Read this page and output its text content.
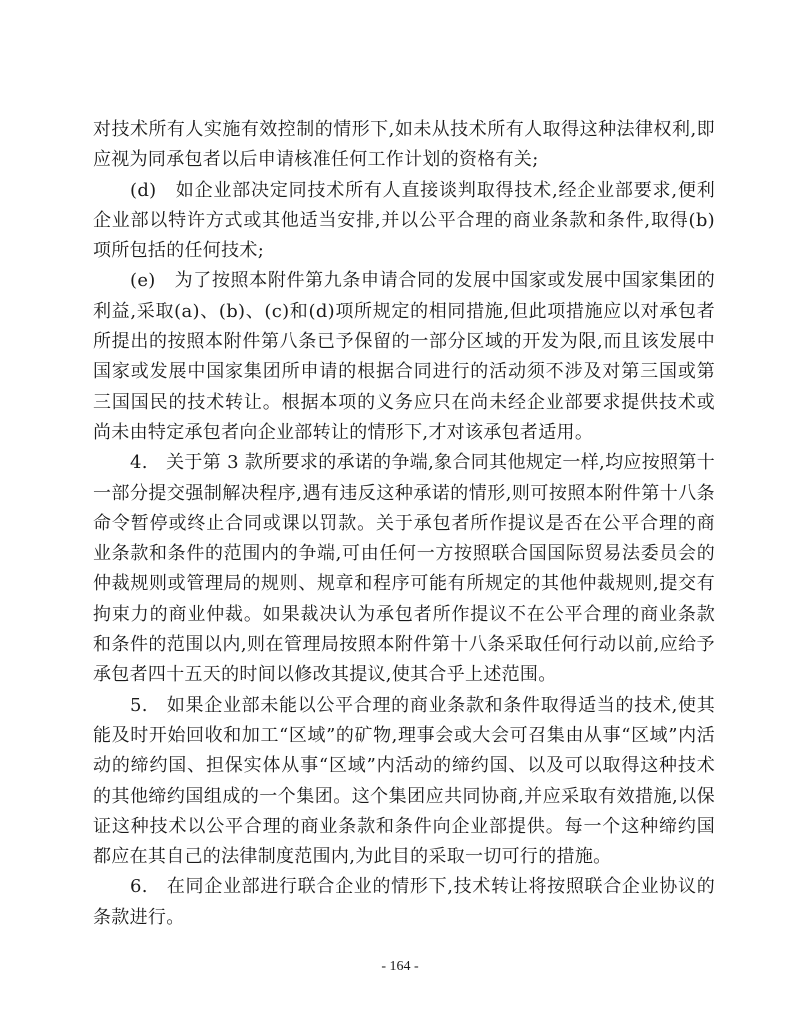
对技术所有人实施有效控制的情形下,如未从技术所有人取得这种法律权利,即应视为同承包者以后申请核准任何工作计划的资格有关;

(d)　如企业部决定同技术所有人直接谈判取得技术,经企业部要求,便利企业部以特许方式或其他适当安排,并以公平合理的商业条款和条件,取得(b)项所包括的任何技术;

(e)　为了按照本附件第九条申请合同的发展中国家或发展中国家集团的利益,采取(a)、(b)、(c)和(d)项所规定的相同措施,但此项措施应以对承包者所提出的按照本附件第八条已予保留的一部分区域的开发为限,而且该发展中国家或发展中国家集团所申请的根据合同进行的活动须不涉及对第三国或第三国国民的技术转让。根据本项的义务应只在尚未经企业部要求提供技术或尚未由特定承包者向企业部转让的情形下,才对该承包者适用。

4.　关于第 3 款所要求的承诺的争端,象合同其他规定一样,均应按照第十一部分提交强制解决程序,遇有违反这种承诺的情形,则可按照本附件第十八条命令暂停或终止合同或课以罚款。关于承包者所作提议是否在公平合理的商业条款和条件的范围内的争端,可由任何一方按照联合国国际贸易法委员会的仲裁规则或管理局的规则、规章和程序可能有所规定的其他仲裁规则,提交有拘束力的商业仲裁。如果裁决认为承包者所作提议不在公平合理的商业条款和条件的范围以内,则在管理局按照本附件第十八条采取任何行动以前,应给予承包者四十五天的时间以修改其提议,使其合乎上述范围。

5.　如果企业部未能以公平合理的商业条款和条件取得适当的技术,使其能及时开始回收和加工“区域”的矿物,理事会或大会可召集由从事“区域”内活动的缔约国、担保实体从事“区域”内活动的缔约国、以及可以取得这种技术的其他缔约国组成的一个集团。这个集团应共同协商,并应采取有效措施,以保证这种技术以公平合理的商业条款和条件向企业部提供。每一个这种缔约国都应在其自己的法律制度范围内,为此目的采取一切可行的措施。

6.　在同企业部进行联合企业的情形下,技术转让将按照联合企业协议的条款进行。

- 164 -
